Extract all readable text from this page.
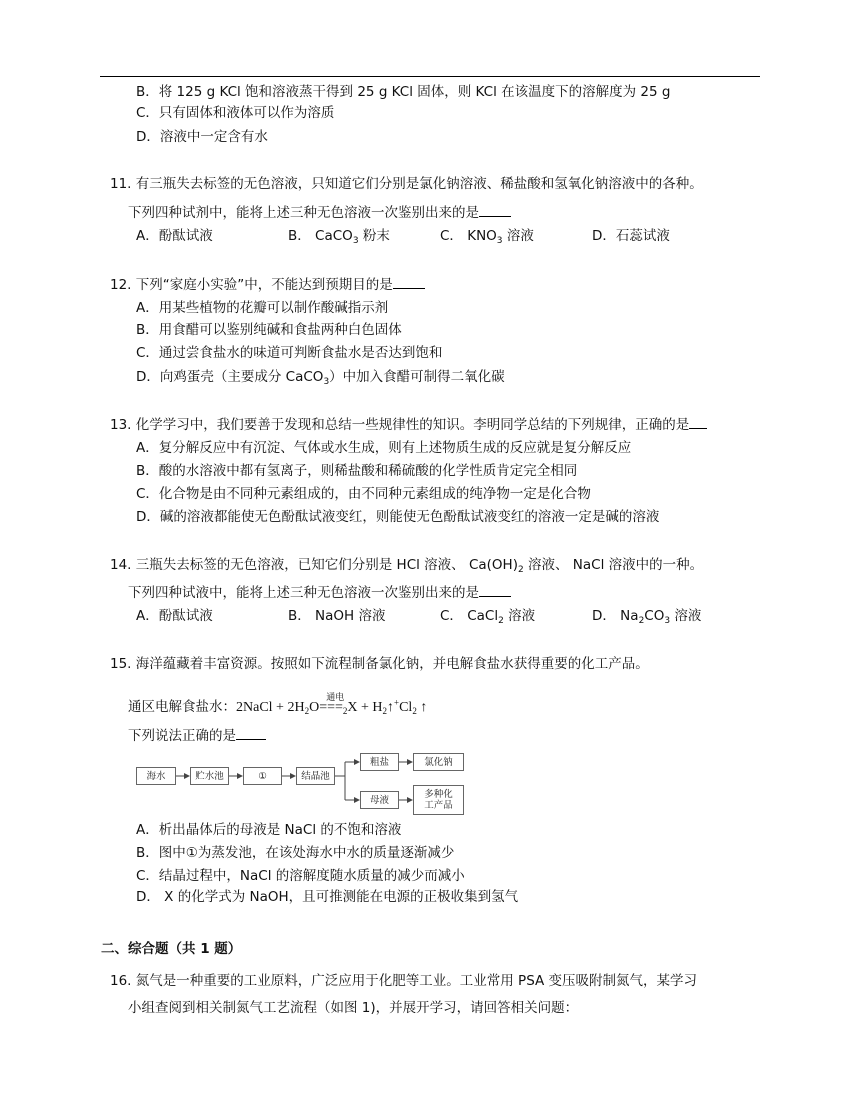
B．将 125 g KCl 饱和溶液蒸干得到 25 g KCl 固体，则 KCl 在该温度下的溶解度为 25 g
C．只有固体和液体可以作为溶质
D．溶液中一定含有水
11. 有三瓶失去标签的无色溶液，只知道它们分别是氯化钠溶液、稀盐酸和氢氧化钠溶液中的各种。
下列四种试剂中，能将上述三种无色溶液一次鉴别出来的是
A．酚酞试液	B． CaCO$_3$ 粉末	C． $KNO_3$ 溶液	D．石蕊试液
12. 下列“家庭小实验”中，不能达到预期目的是
A．用某些植物的花瓣可以制作酸碱指示剂
B．用食醋可以鉴别纯碱和食盐两种白色固体
C．通过尝食盐水的味道可判断食盐水是否达到饱和
D．向鸡蛋壳（主要成分 CaCO$_3$）中加入食醋可制得二氧化碳
13. 化学学习中，我们要善于发现和总结一些规律性的知识。李明同学总结的下列规律，正确的是
A．复分解反应中有沉淀、气体或水生成，则有上述物质生成的反应就是复分解反应
B．酸的水溶液中都有氢离子，则稀盐酸和稀硫酸的化学性质肯定完全相同
C．化合物是由不同种元素组成的，由不同种元素组成的纯净物一定是化合物
D．碱的溶液都能使无色酚酞试液变红，则能使无色酚酞试液变红的溶液一定是碱的溶液
14. 三瓶失去标签的无色溶液，已知它们分别是 HCl 溶液、 $Ca(OH)_2$ 溶液、 NaCl 溶液中的一种。
下列四种试液中，能将上述三种无色溶液一次鉴别出来的是
A．酚酞试液	B． NaOH 溶液	C． CaCl$_2$ 溶液	D． $Na_2CO_3$ 溶液
15. 海洋蕴藏着丰富资源。按照如下流程制备氯化钠，并电解食盐水获得重要的化工产品。
通区电解食盐水：2NaCl + $2H_2O$
通电
$===_2X$ + $H_2↑^+Cl_2$ ↑
下列说法正确的是
海水	贮水池	①	结晶池
粗盐	氯化钠
母液	多种化工产品
A．析出晶体后的母液是 NaCl 的不饱和溶液
B．图中①为蒸发池，在该处海水中水的质量逐渐减少
C．结晶过程中，NaCl 的溶解度随水质量的减少而减小
D． X 的化学式为 NaOH，且可推测能在电源的正极收集到氢气
二、综合题（共 1 题）
16. 氮气是一种重要的工业原料，广泛应用于化肥等工业。工业常用 PSA 变压吸附制氮气，某学习
小组查阅到相关制氮气工艺流程（如图 1)，并展开学习，请回答相关问题：
